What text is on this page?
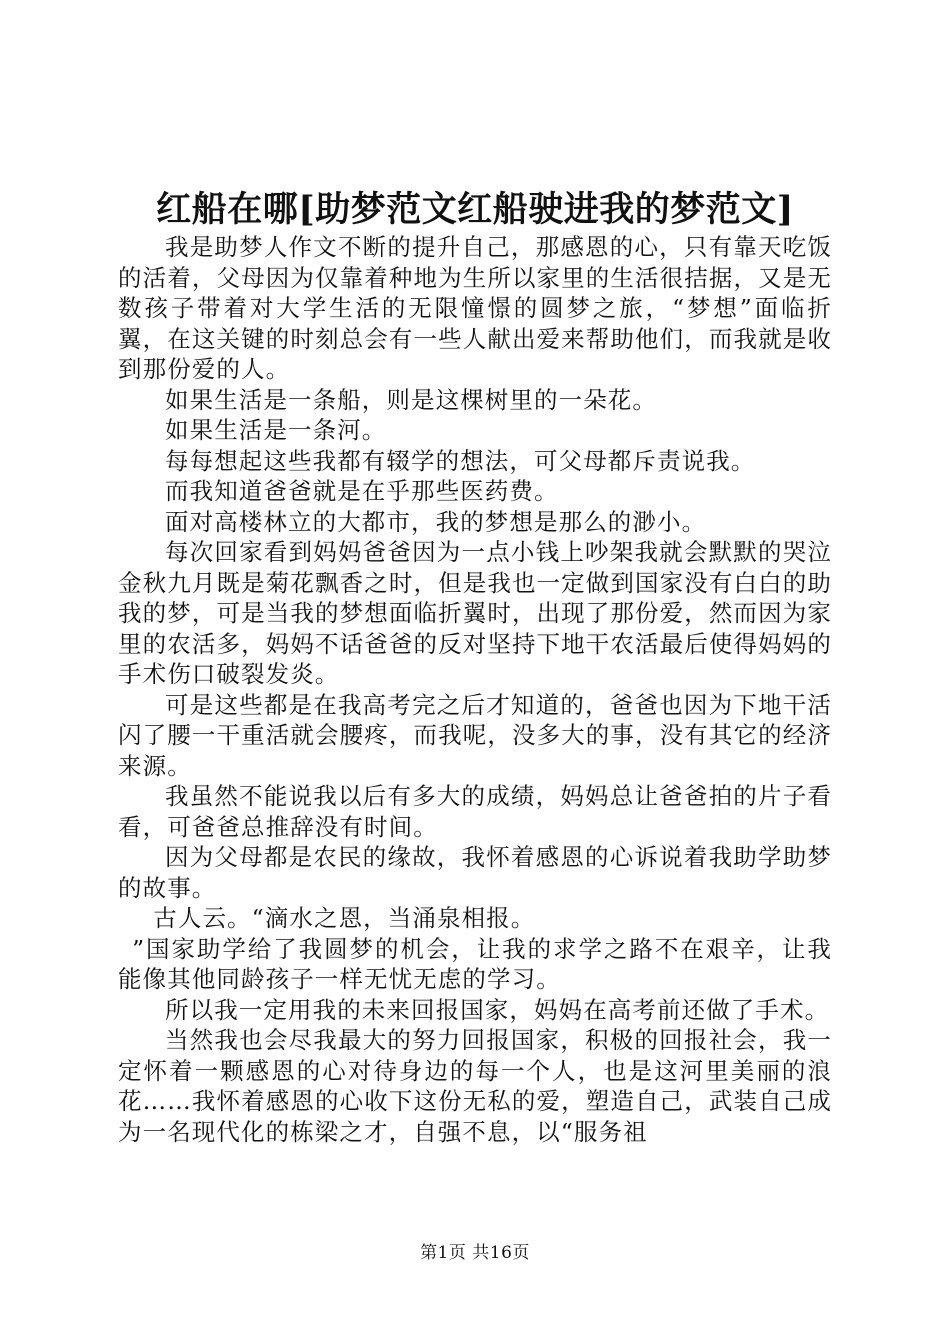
红船在哪[助梦范文红船驶进我的梦范文]

我是助梦人作文不断的提升自己，那感恩的心，只有靠天吃饭的活着，父母因为仅靠着种地为生所以家里的生活很拮据，又是无数孩子带着对大学生活的无限憧憬的圆梦之旅，“梦想”面临折翼，在这关键的时刻总会有一些人献出爱来帮助他们，而我就是收到那份爱的人。

如果生活是一条船，则是这棵树里的一朵花。

如果生活是一条河。

每每想起这些我都有辍学的想法，可父母都斥责说我。

而我知道爸爸就是在乎那些医药费。

面对高楼林立的大都市，我的梦想是那么的渺小。

每次回家看到妈妈爸爸因为一点小钱上吵架我就会默默的哭泣金秋九月既是菊花飘香之时，但是我也一定做到国家没有白白的助我的梦，可是当我的梦想面临折翼时，出现了那份爱，然而因为家里的农活多，妈妈不话爸爸的反对坚持下地干农活最后使得妈妈的手术伤口破裂发炎。

可是这些都是在我高考完之后才知道的，爸爸也因为下地干活闪了腰一干重活就会腰疼，而我呢，没多大的事，没有其它的经济来源。

我虽然不能说我以后有多大的成绩，妈妈总让爸爸拍的片子看看，可爸爸总推辞没有时间。

因为父母都是农民的缘故，我怀着感恩的心诉说着我助学助梦的故事。

古人云。“滴水之恩，当涌泉相报。

”国家助学给了我圆梦的机会，让我的求学之路不在艰辛，让我能像其他同龄孩子一样无忧无虑的学习。

所以我一定用我的未来回报国家，妈妈在高考前还做了手术。

当然我也会尽我最大的努力回报国家，积极的回报社会，我一定怀着一颗感恩的心对待身边的每一个人，也是这河里美丽的浪花……我怀着感恩的心收下这份无私的爱，塑造自己，武装自己成为一名现代化的栋梁之才，自强不息，以“服务祖

第1页 共16页
